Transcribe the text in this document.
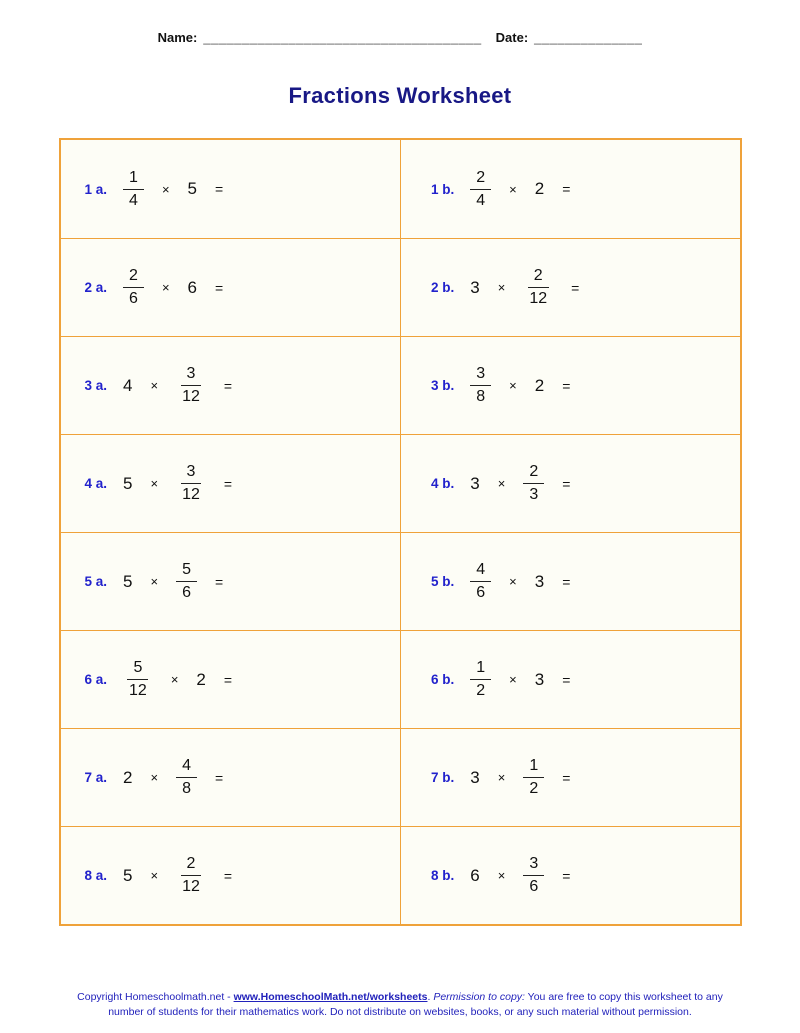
Name: ____________________________________ Date: ______________
Fractions Worksheet
1 a. $\frac{1}{4} \times 5$ =	1 b. $\frac{2}{4} \times 2$ =
2 a. $\frac{2}{6} \times 6$ =	2 b. $3 \times \frac{2}{12}$ =
3 a. $4 \times \frac{3}{12}$ =	3 b. $\frac{3}{8} \times 2$ =
4 a. $5 \times \frac{3}{12}$ =	4 b. $3 \times \frac{2}{3}$ =
5 a. $5 \times \frac{5}{6}$ =	5 b. $\frac{4}{6} \times 3$ =
6 a. $\frac{5}{12} \times 2$ =	6 b. $\frac{1}{2} \times 3$ =
7 a. $2 \times \frac{4}{8}$ =	7 b. $3 \times \frac{1}{2}$ =
8 a. $5 \times \frac{2}{12}$ =	8 b. $6 \times \frac{3}{6}$ =
Copyright Homeschoolmath.net - www.HomeschoolMath.net/worksheets. Permission to copy: You are free to copy this worksheet to any
number of students for their mathematics work. Do not distribute on websites, books, or any such material without permission.
